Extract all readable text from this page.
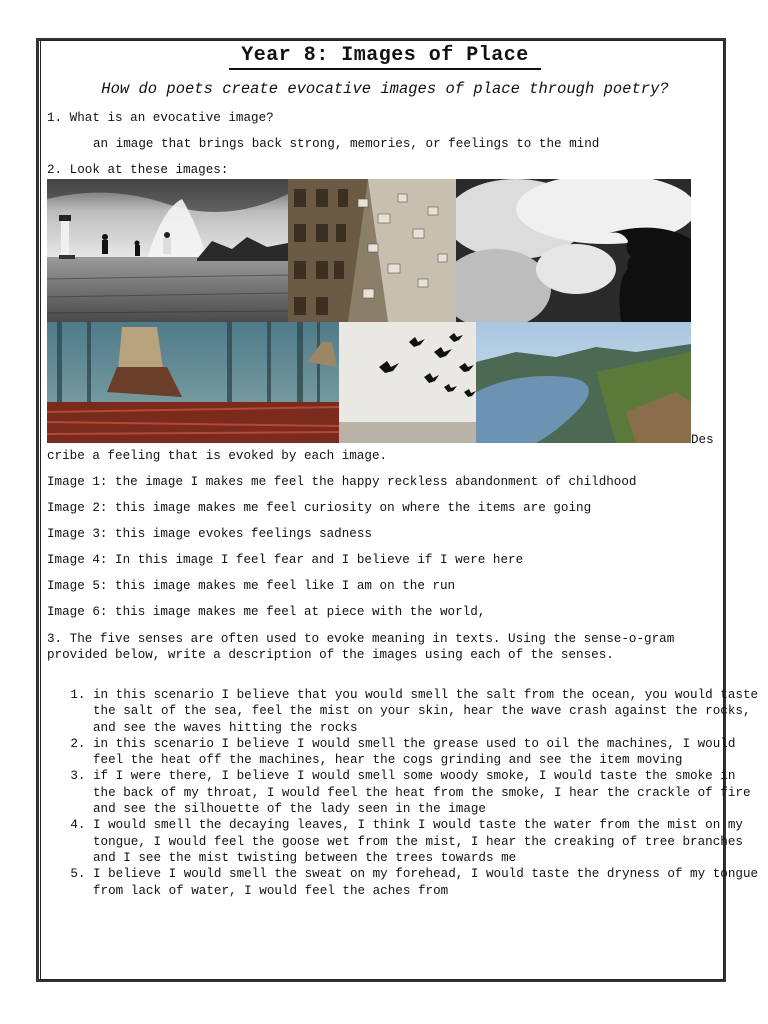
Year 8: Images of Place
How do poets create evocative images of place through poetry?
1. What is an evocative image?
an image that brings back strong, memories, or feelings to the mind
2. Look at these images:
Des
cribe a feeling that is evoked by each image.
Image 1: the image I makes me feel the happy reckless abandonment of childhood
Image 2: this image makes me feel curiosity on where the items are going
Image 3: this image evokes feelings sadness
Image 4: In this image I feel fear and I believe if I were here
Image 5: this image makes me feel like I am on the run
Image 6: this image makes me feel at piece with the world,
3. The five senses are often used to evoke meaning in texts. Using the sense-o-gram provided below, write a description of the images using each of the senses.
1. in this scenario I believe that you would smell the salt from the ocean, you would taste the salt of the sea, feel the mist on your skin, hear the wave crash against the rocks, and see the waves hitting the rocks
2. in this scenario I believe I would smell the grease used to oil the machines, I would feel the heat off the machines, hear the cogs grinding and see the item moving
3. if I were there, I believe I would smell some woody smoke, I would taste the smoke in the back of my throat, I would feel the heat from the smoke, I hear the crackle of fire and see the silhouette of the lady seen in the image
4. I would smell the decaying leaves, I think I would taste the water from the mist on my tongue, I would feel the goose wet from the mist, I hear the creaking of tree branches and I see the mist twisting between the trees towards me
5. I believe I would smell the sweat on my forehead, I would taste the dryness of my tongue from lack of water, I would feel the aches from
